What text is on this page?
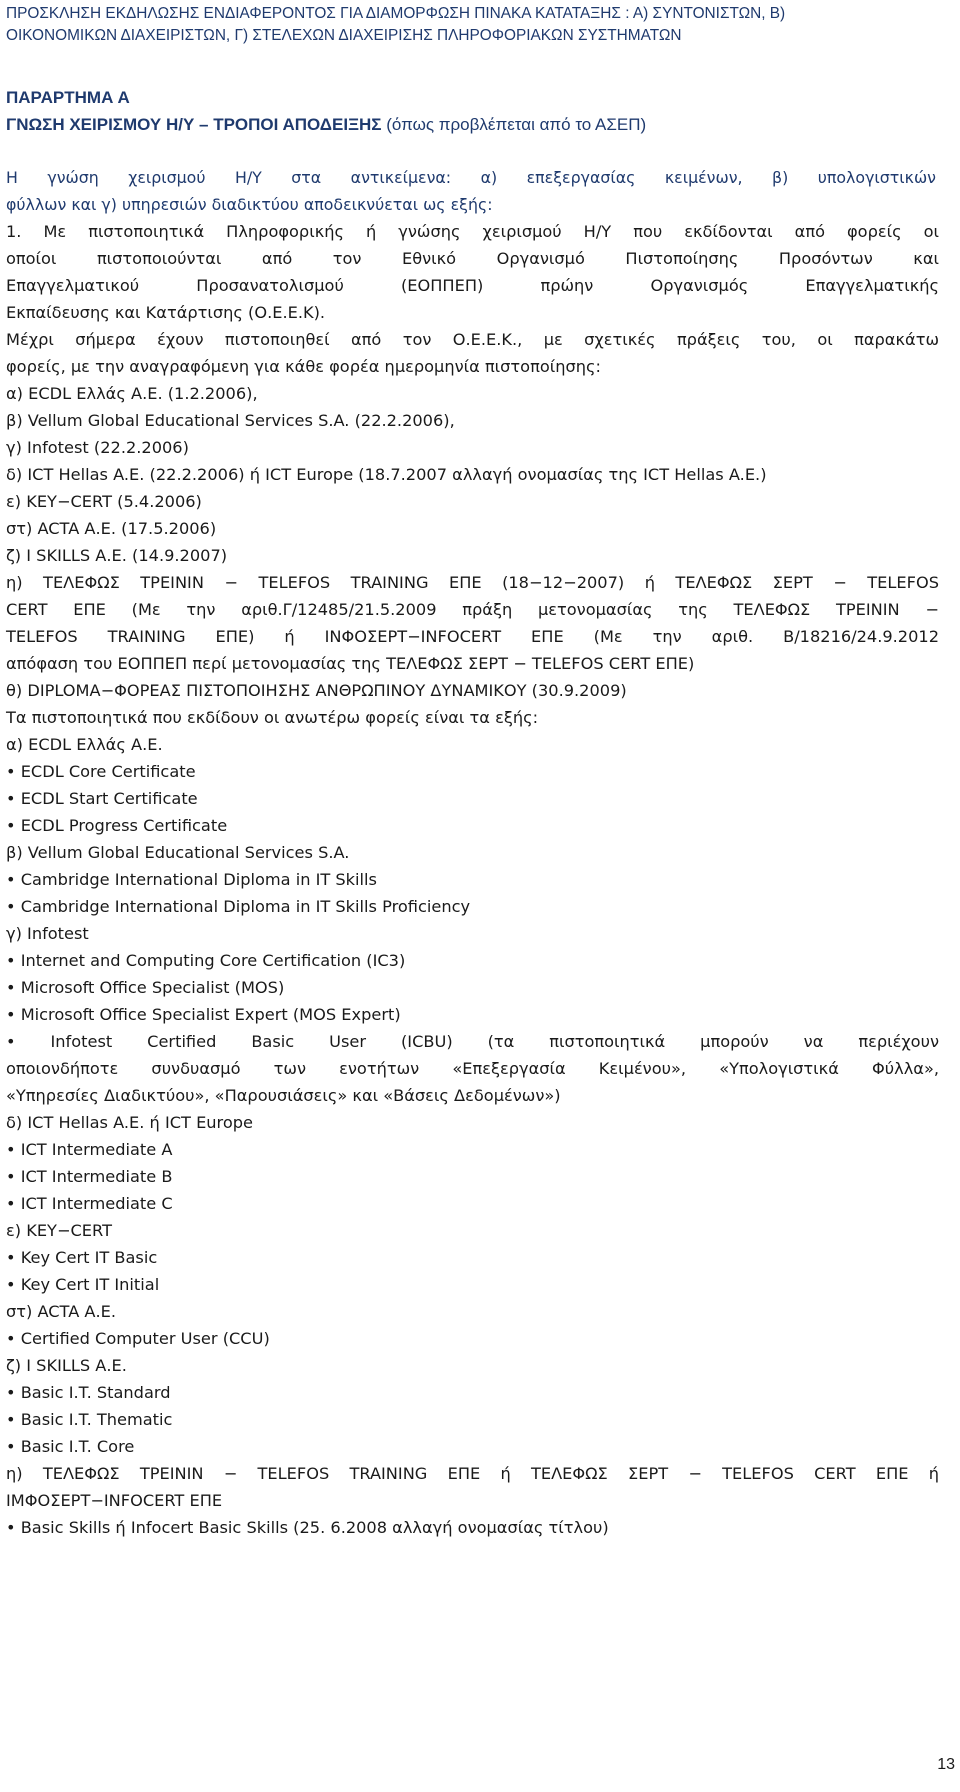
ΠΡΟΣΚΛΗΣΗ ΕΚΔΗΛΩΣΗΣ ΕΝΔΙΑΦΕΡΟΝΤΟΣ ΓΙΑ ΔΙΑΜΟΡΦΩΣΗ ΠΙΝΑΚΑ ΚΑΤΑΤΑΞΗΣ : Α) ΣΥΝΤΟΝΙΣΤΩΝ, Β)
ΟΙΚΟΝΟΜΙΚΩΝ ΔΙΑΧΕΙΡΙΣΤΩΝ, Γ) ΣΤΕΛΕΧΩΝ ΔΙΑΧΕΙΡΙΣΗΣ ΠΛΗΡΟΦΟΡΙΑΚΩΝ ΣΥΣΤΗΜΑΤΩΝ
ΠΑΡΑΡΤΗΜΑ Α
ΓΝΩΣΗ ΧΕΙΡΙΣΜΟΥ Η/Υ – ΤΡΟΠΟΙ ΑΠΟΔΕΙΞΗΣ (όπως προβλέπεται από το ΑΣΕΠ)
Η γνώση χειρισμού Η/Υ στα αντικείμενα: α) επεξεργασίας κειμένων, β) υπολογιστικών
φύλλων και γ) υπηρεσιών διαδικτύου αποδεικνύεται ως εξής:
1. Με πιστοποιητικά Πληροφορικής ή γνώσης χειρισμού Η/Υ που εκδίδονται από φορείς οι
οποίοι πιστοποιούνται από τον Εθνικό Οργανισμό Πιστοποίησης Προσόντων και
Επαγγελματικού Προσανατολισμού (ΕΟΠΠΕΠ) πρώην Οργανισμός Επαγγελματικής
Εκπαίδευσης και Κατάρτισης (Ο.Ε.Ε.Κ).
Μέχρι σήμερα έχουν πιστοποιηθεί από τον Ο.Ε.Ε.Κ., με σχετικές πράξεις του, οι παρακάτω
φορείς, με την αναγραφόμενη για κάθε φορέα ημερομηνία πιστοποίησης:
α) ECDL Ελλάς Α.Ε. (1.2.2006),
β) Vellum Global Educational Services S.A. (22.2.2006),
γ) Infotest (22.2.2006)
δ) ICT Hellas A.E. (22.2.2006) ή ICT Europe (18.7.2007 αλλαγή ονομασίας της ICT Hellas A.E.)
ε) KEY−CERT (5.4.2006)
στ) ACTA Α.Ε. (17.5.2006)
ζ) I SKILLS Α.Ε. (14.9.2007)
η) ΤΕΛΕΦΩΣ ΤΡΕΙΝΙΝ − TELEFOS TRAINING ΕΠΕ (18−12−2007) ή ΤΕΛΕΦΩΣ ΣΕΡΤ − TELEFOS
CERT ΕΠΕ (Με την αριθ.Γ/12485/21.5.2009 πράξη μετονομασίας της ΤΕΛΕΦΩΣ ΤΡΕΙΝΙΝ −
TELEFOS TRAINING ΕΠΕ) ή ΙΝΦΟΣΕΡΤ−INFOCERT ΕΠΕ (Με την αριθ. Β/18216/24.9.2012
απόφαση του ΕΟΠΠΕΠ περί μετονομασίας της ΤΕΛΕΦΩΣ ΣΕΡΤ − TELEFOS CERT ΕΠΕ)
θ) DIPLOMA−ΦΟΡΕΑΣ ΠΙΣΤΟΠΟΙΗΣΗΣ ΑΝΘΡΩΠΙΝΟΥ ΔΥΝΑΜΙΚΟΥ (30.9.2009)
Τα πιστοποιητικά που εκδίδουν οι ανωτέρω φορείς είναι τα εξής:
α) ECDL Ελλάς Α.Ε.
• ECDL Core Certificate
• ECDL Start Certificate
• ECDL Progress Certificate
β) Vellum Global Educational Services S.A.
• Cambridge International Diploma in IT Skills
• Cambridge International Diploma in IT Skills Proficiency
γ) Infotest
• Internet and Computing Core Certification (IC3)
• Microsoft Office Specialist (MOS)
• Microsoft Office Specialist Expert (MOS Expert)
• Infotest Certified Basic User (ICBU) (τα πιστοποιητικά μπορούν να περιέχουν
οποιονδήποτε συνδυασμό των ενοτήτων «Επεξεργασία Κειμένου», «Υπολογιστικά Φύλλα»,
«Υπηρεσίες Διαδικτύου», «Παρουσιάσεις» και «Βάσεις Δεδομένων»)
δ) ICT Hellas A.E. ή ICT Europe
• ICT Intermediate A
• ICT Intermediate B
• ICT Intermediate C
ε) KEY−CERT
• Key Cert IT Basic
• Key Cert IT Initial
στ) ACTA Α.Ε.
• Certified Computer User (CCU)
ζ) I SKILLS Α.Ε.
• Basic I.T. Standard
• Basic I.T. Thematic
• Basic I.T. Core
η) ΤΕΛΕΦΩΣ ΤΡΕΙΝΙΝ − TELEFOS TRAINING ΕΠΕ ή ΤΕΛΕΦΩΣ ΣΕΡΤ − TELEFOS CERT ΕΠΕ ή
ΙΜΦΟΣΕΡΤ−INFOCERT ΕΠΕ
• Basic Skills ή Infocert Basic Skills (25. 6.2008 αλλαγή ονομασίας τίτλου)
13
